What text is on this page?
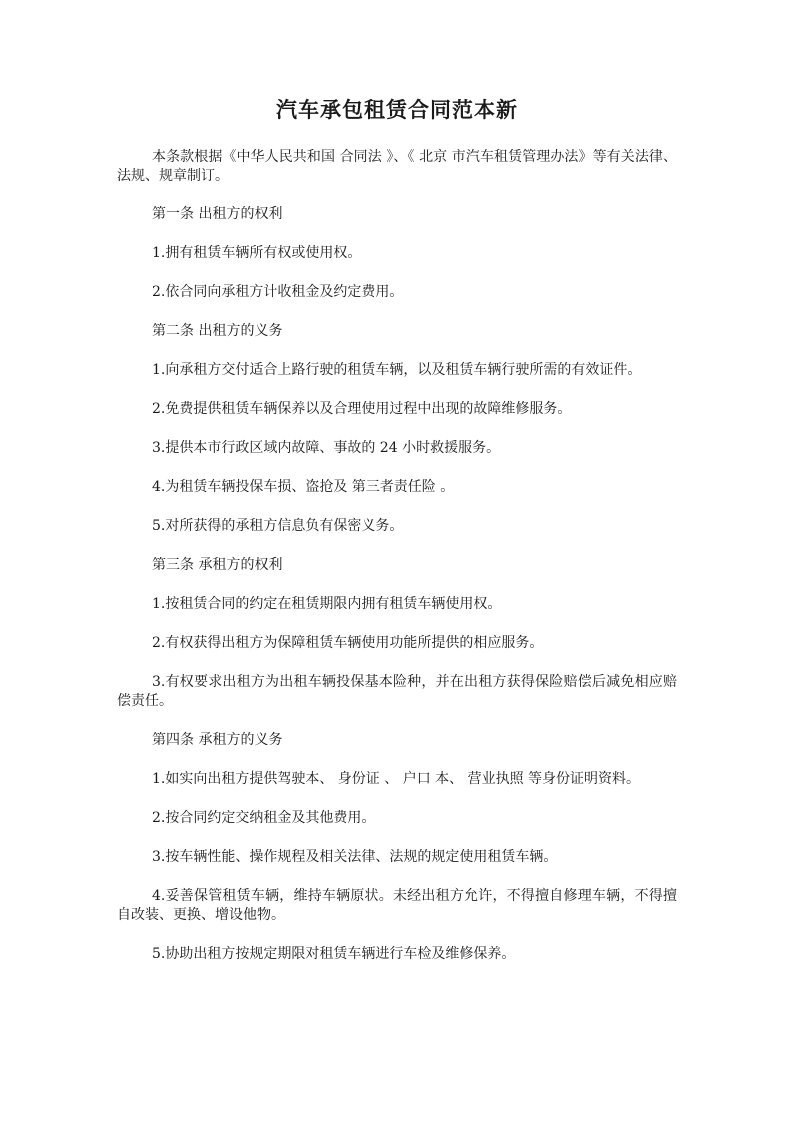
汽车承包租赁合同范本新

本条款根据《中华人民共和国 合同法 》、《 北京 市汽车租赁管理办法》等有关法律、法规、规章制订。

第一条 出租方的权利

1.拥有租赁车辆所有权或使用权。

2.依合同向承租方计收租金及约定费用。

第二条 出租方的义务

1.向承租方交付适合上路行驶的租赁车辆，以及租赁车辆行驶所需的有效证件。

2.免费提供租赁车辆保养以及合理使用过程中出现的故障维修服务。

3.提供本市行政区域内故障、事故的 24 小时救援服务。

4.为租赁车辆投保车损、盗抢及 第三者责任险 。

5.对所获得的承租方信息负有保密义务。

第三条 承租方的权利

1.按租赁合同的约定在租赁期限内拥有租赁车辆使用权。

2.有权获得出租方为保障租赁车辆使用功能所提供的相应服务。

3.有权要求出租方为出租车辆投保基本险种，并在出租方获得保险赔偿后减免相应赔偿责任。

第四条 承租方的义务

1.如实向出租方提供驾驶本、 身份证 、 户口 本、 营业执照 等身份证明资料。

2.按合同约定交纳租金及其他费用。

3.按车辆性能、操作规程及相关法律、法规的规定使用租赁车辆。

4.妥善保管租赁车辆，维持车辆原状。未经出租方允许，不得擅自修理车辆，不得擅自改装、更换、增设他物。

5.协助出租方按规定期限对租赁车辆进行车检及维修保养。
